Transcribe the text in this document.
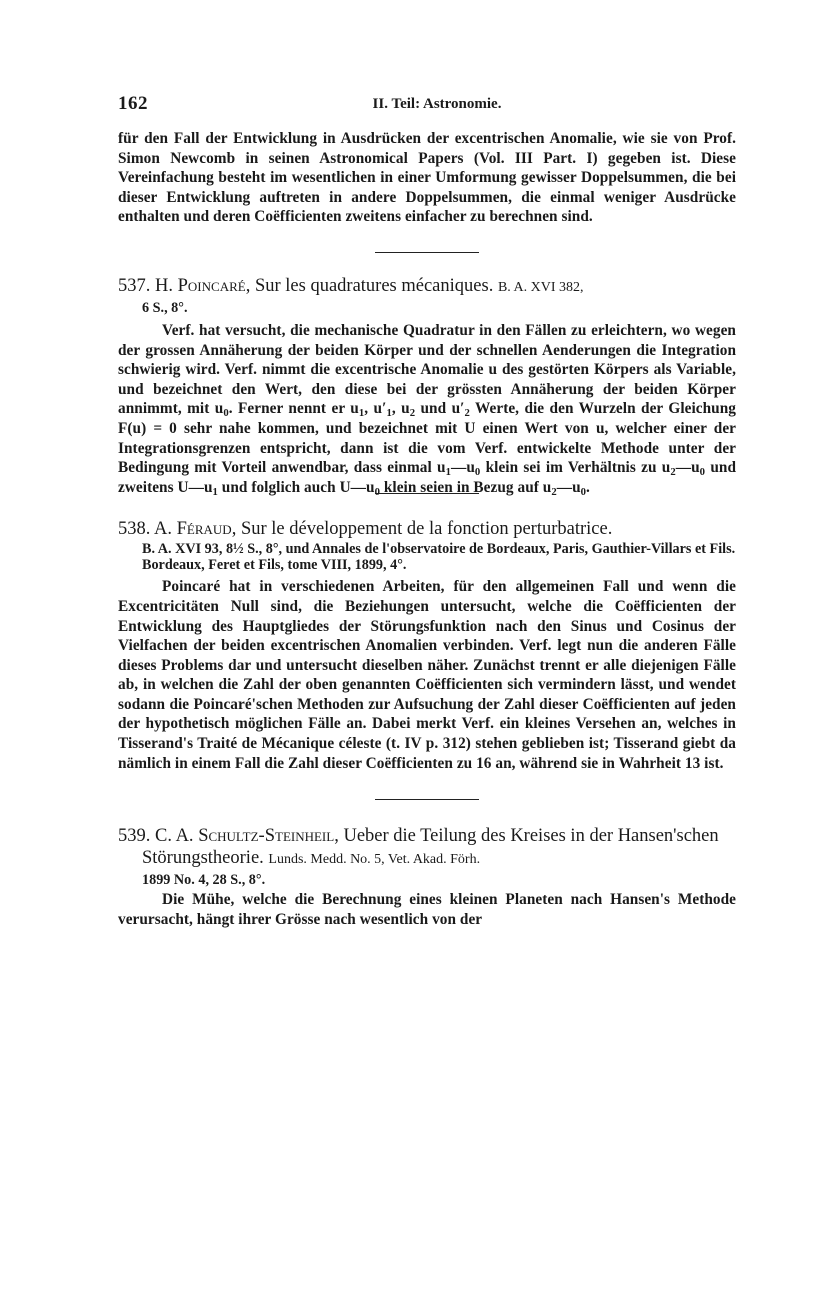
162	II. Teil: Astronomie.

für den Fall der Entwicklung in Ausdrücken der excentrischen Anomalie, wie sie von Prof. Simon Newcomb in seinen Astronomical Papers (Vol. III Part. I) gegeben ist. Diese Vereinfachung besteht im wesentlichen in einer Umformung gewisser Doppelsummen, die bei dieser Entwicklung auftreten in andere Doppelsummen, die einmal weniger Ausdrücke enthalten und deren Coëfficienten zweitens einfacher zu berechnen sind.

537. H. Poincaré, Sur les quadratures mécaniques. B. A. XVI 382,
6 S., 8°.

Verf. hat versucht, die mechanische Quadratur in den Fällen zu erleichtern, wo wegen der grossen Annäherung der beiden Körper und der schnellen Aenderungen die Integration schwierig wird. Verf. nimmt die excentrische Anomalie u des gestörten Körpers als Variable, und bezeichnet den Wert, den diese bei der grössten Annäherung der beiden Körper annimmt, mit $u_0$. Ferner nennt er $u_1$, $u'_1$, $u_2$ und $u'_2$ Werte, die den Wurzeln der Gleichung F(u) = 0 sehr nahe kommen, und bezeichnet mit U einen Wert von u, welcher einer der Integrationsgrenzen entspricht, dann ist die vom Verf. entwickelte Methode unter der Bedingung mit Vorteil anwendbar, dass einmal $u_1—u_0$ klein sei im Verhältnis zu $u_2—u_0$ und zweitens $U—u_1$ und folglich auch $U—u_0$ klein seien in Bezug auf $u_2—u_0$.

538. A. Féraud, Sur le développement de la fonction perturbatrice.
B. A. XVI 93, 8½ S., 8°, und Annales de l'observatoire de Bordeaux, Paris, Gauthier-Villars et Fils. Bordeaux, Feret et Fils, tome VIII, 1899, 4°.

Poincaré hat in verschiedenen Arbeiten, für den allgemeinen Fall und wenn die Excentricitäten Null sind, die Beziehungen untersucht, welche die Coëfficienten der Entwicklung des Hauptgliedes der Störungsfunktion nach den Sinus und Cosinus der Vielfachen der beiden excentrischen Anomalien verbinden. Verf. legt nun die anderen Fälle dieses Problems dar und untersucht dieselben näher. Zunächst trennt er alle diejenigen Fälle ab, in welchen die Zahl der oben genannten Coëfficienten sich vermindern lässt, und wendet sodann die Poincaré'schen Methoden zur Aufsuchung der Zahl dieser Coëfficienten auf jeden der hypothetisch möglichen Fälle an. Dabei merkt Verf. ein kleines Versehen an, welches in Tisserand's Traité de Mécanique céleste (t. IV p. 312) stehen geblieben ist; Tisserand giebt da nämlich in einem Fall die Zahl dieser Coëfficienten zu 16 an, während sie in Wahrheit 13 ist.

539. C. A. Schultz-Steinheil, Ueber die Teilung des Kreises in der Hansen'schen Störungstheorie. Lunds. Medd. No. 5, Vet. Akad. Förh.
1899 No. 4, 28 S., 8°.

Die Mühe, welche die Berechnung eines kleinen Planeten nach Hansen's Methode verursacht, hängt ihrer Grösse nach wesentlich von der
